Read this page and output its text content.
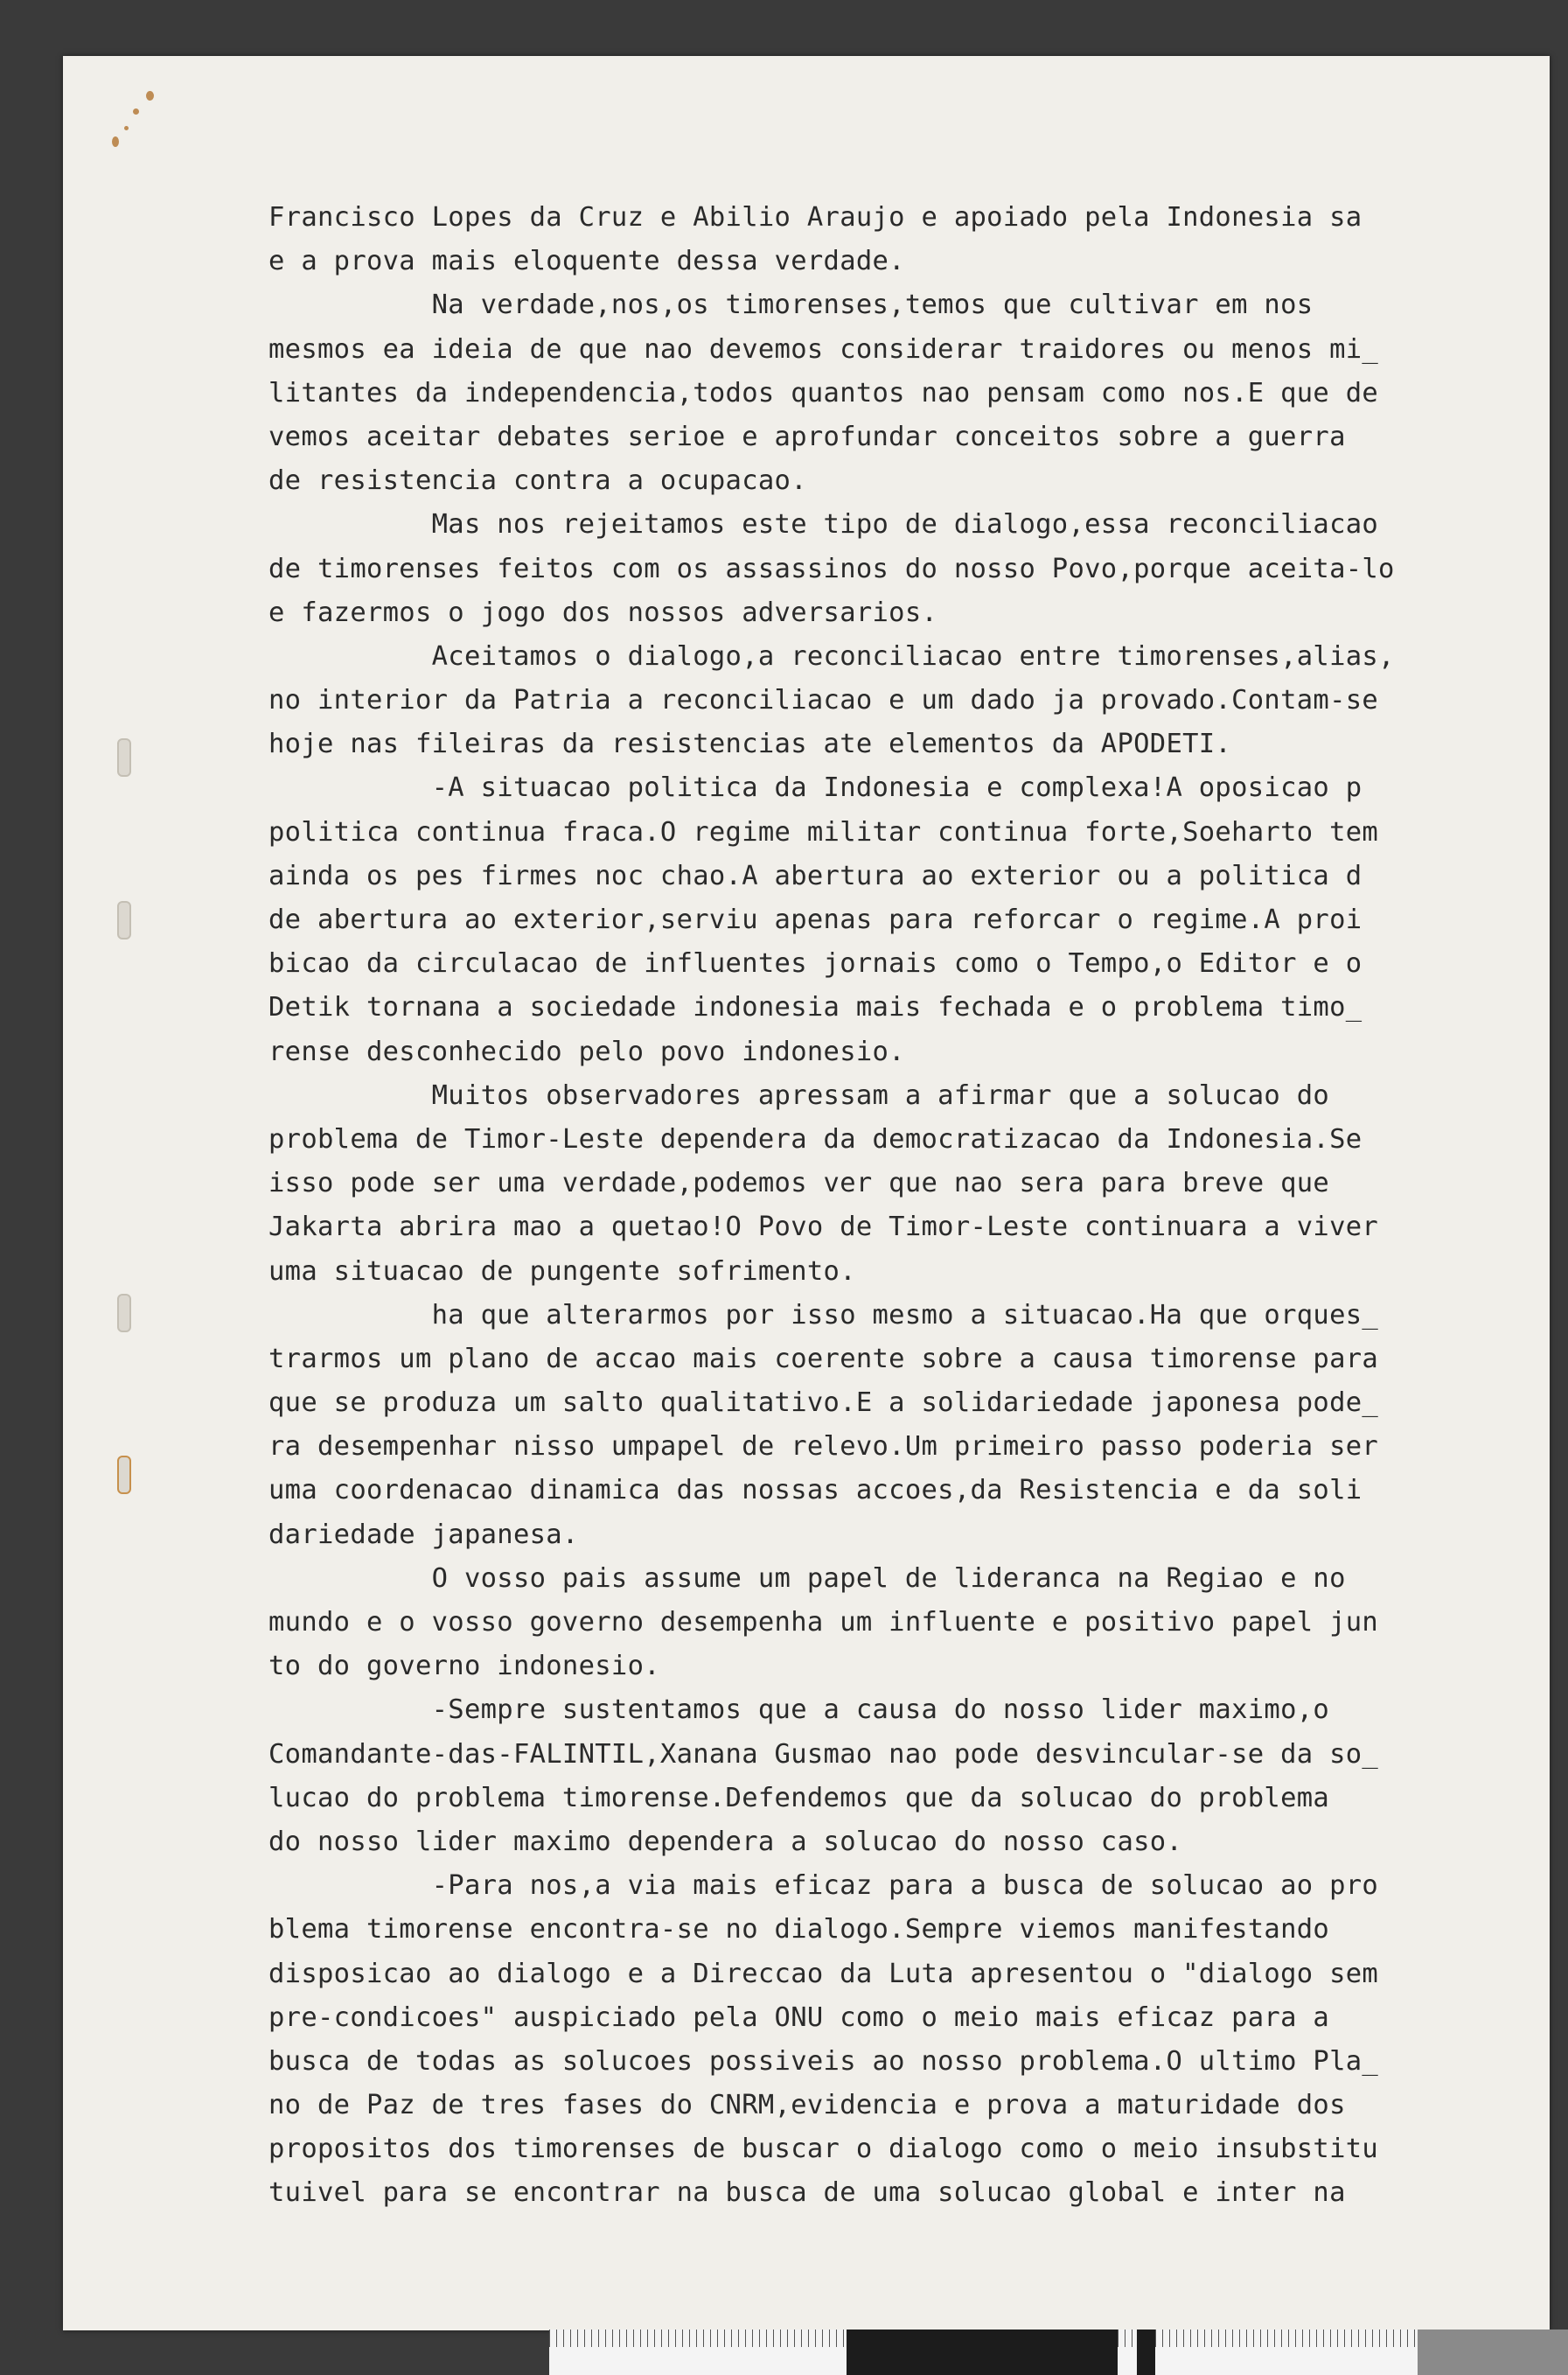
Francisco Lopes da Cruz e Abilio Araujo e apoiado pela Indonesia sa
e a prova mais eloquente dessa verdade.
Na verdade,nos,os timorenses,temos que cultivar em nos
mesmos ea ideia de que nao devemos considerar traidores ou menos mi_
litantes da independencia,todos quantos nao pensam como nos.E que de
vemos aceitar debates serioe e aprofundar conceitos sobre a guerra
de resistencia contra a ocupacao.
Mas nos rejeitamos este tipo de dialogo,essa reconciliacao
de timorenses feitos com os assassinos do nosso Povo,porque aceita-lo
e fazermos o jogo dos nossos adversarios.
Aceitamos o dialogo,a reconciliacao entre timorenses,alias,
no interior da Patria a reconciliacao e um dado ja provado.Contam-se
hoje nas fileiras da resistencias ate elementos da APODETI.
-A situacao politica da Indonesia e complexa!A oposicao p
politica continua fraca.O regime militar continua forte,Soeharto tem
ainda os pes firmes noc chao.A abertura ao exterior ou a politica d
de abertura ao exterior,serviu apenas para reforcar o regime.A proi
bicao da circulacao de influentes jornais como o Tempo,o Editor e o
Detik tornana a sociedade indonesia mais fechada e o problema timo_
rense desconhecido pelo povo indonesio.
Muitos observadores apressam a afirmar que a solucao do
problema de Timor-Leste dependera da democratizacao da Indonesia.Se
isso pode ser uma verdade,podemos ver que nao sera para breve que
Jakarta abrira mao a quetao!O Povo de Timor-Leste continuara a viver
uma situacao de pungente sofrimento.
ha que alterarmos por isso mesmo a situacao.Ha que orques_
trarmos um plano de accao mais coerente sobre a causa timorense para
que se produza um salto qualitativo.E a solidariedade japonesa pode_
ra desempenhar nisso umpapel de relevo.Um primeiro passo poderia ser
uma coordenacao dinamica das nossas accoes,da Resistencia e da soli
dariedade japanesa.
O vosso pais assume um papel de lideranca na Regiao e no
mundo e o vosso governo desempenha um influente e positivo papel jun
to do governo indonesio.
-Sempre sustentamos que a causa do nosso lider maximo,o
Comandante-das-FALINTIL,Xanana Gusmao nao pode desvincular-se da so_
lucao do problema timorense.Defendemos que da solucao do problema
do nosso lider maximo dependera a solucao do nosso caso.
-Para nos,a via mais eficaz para a busca de solucao ao pro
blema timorense encontra-se no dialogo.Sempre viemos manifestando
disposicao ao dialogo e a Direccao da Luta apresentou o "dialogo sem
pre-condicoes" auspiciado pela ONU como o meio mais eficaz para a
busca de todas as solucoes possiveis ao nosso problema.O ultimo Pla_
no de Paz de tres fases do CNRM,evidencia e prova a maturidade dos
propositos dos timorenses de buscar o dialogo como o meio insubstitu
tuivel para se encontrar na busca de uma solucao global e inter na
